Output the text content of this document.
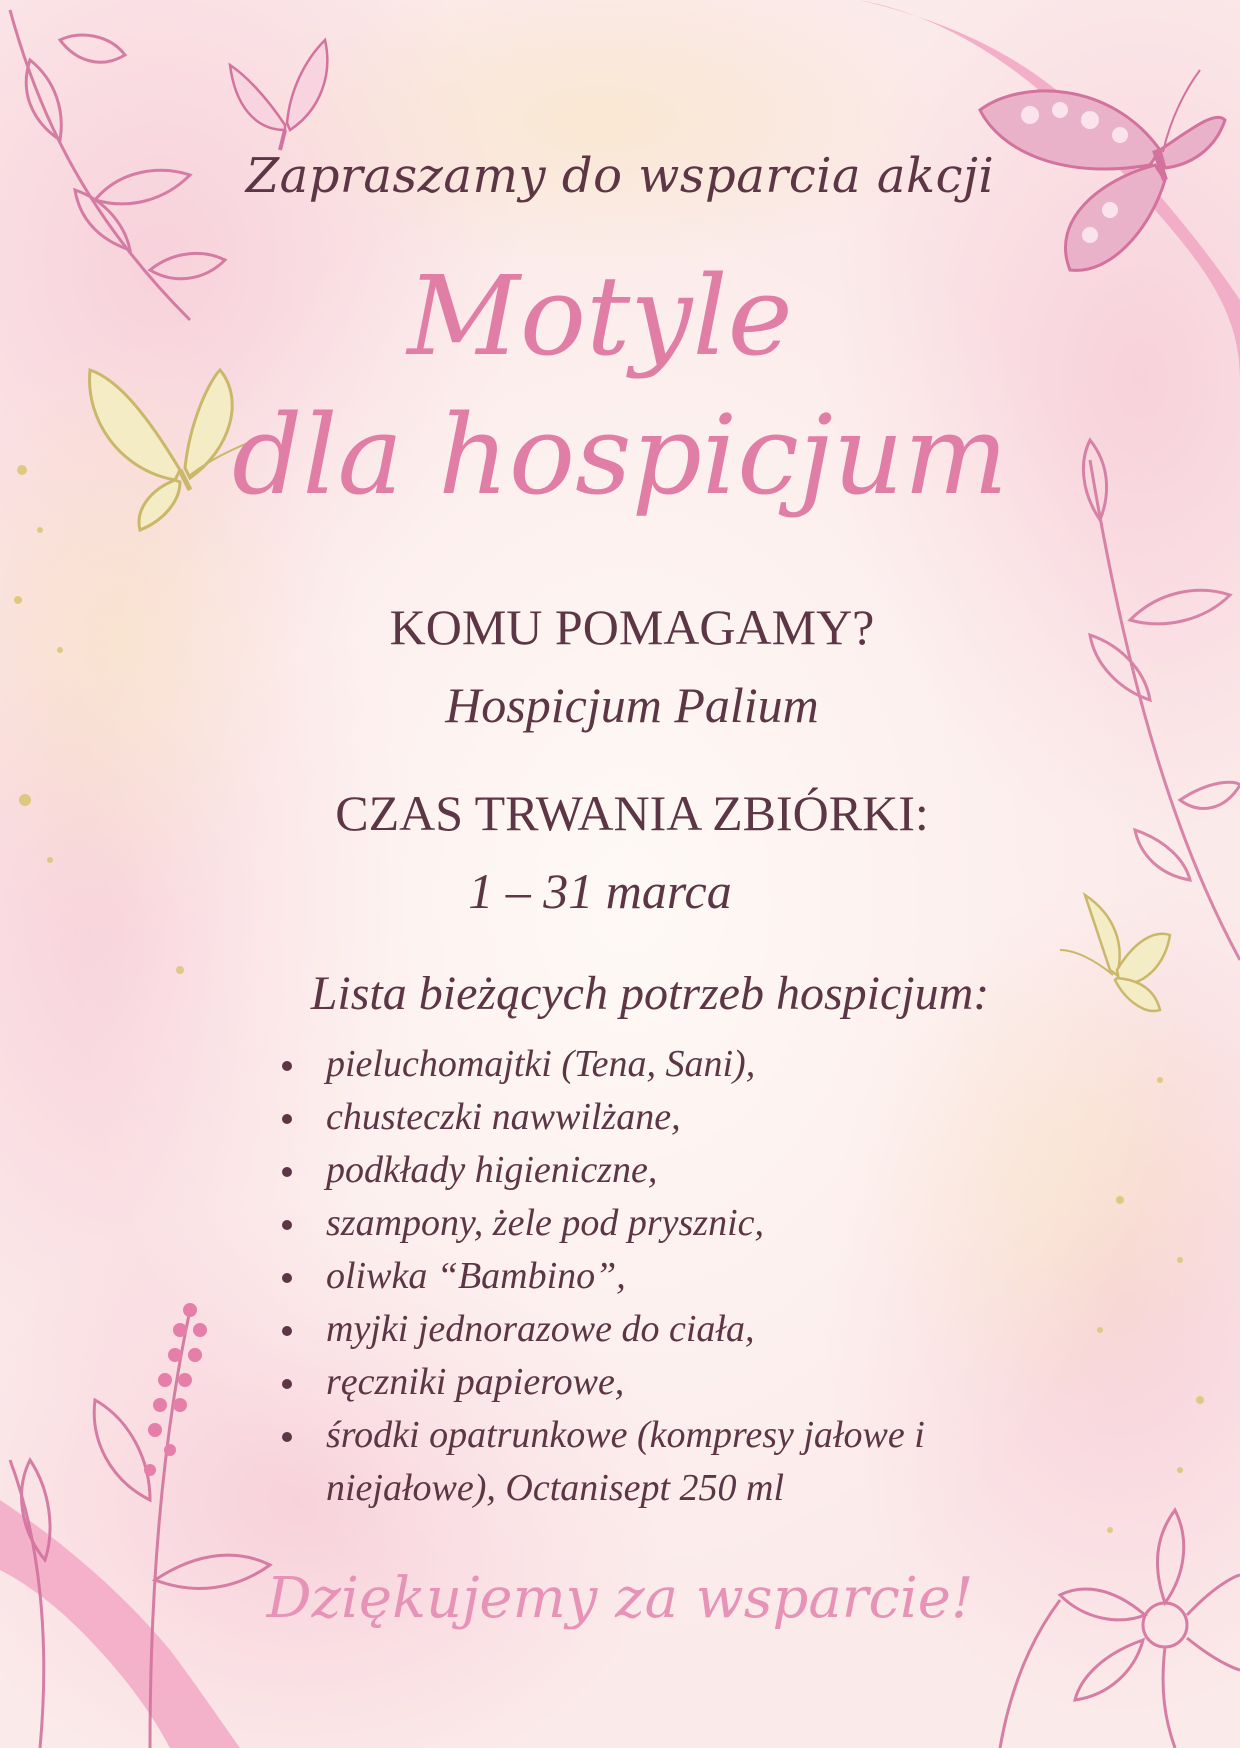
Zapraszamy do wsparcia akcji
Motyle
dla hospicjum
KOMU POMAGAMY?
Hospicjum Palium
CZAS TRWANIA ZBIÓRKI:
1 – 31 marca
Lista bieżących potrzeb hospicjum:
pieluchomajtki (Tena, Sani),
chusteczki nawwilżane,
podkłady higieniczne,
szampony, żele pod prysznic,
oliwka “Bambino”,
myjki jednorazowe do ciała,
ręczniki papierowe,
środki opatrunkowe (kompresy jałowe i niejałowe), Octanisept 250 ml
Dziękujemy za wsparcie!
